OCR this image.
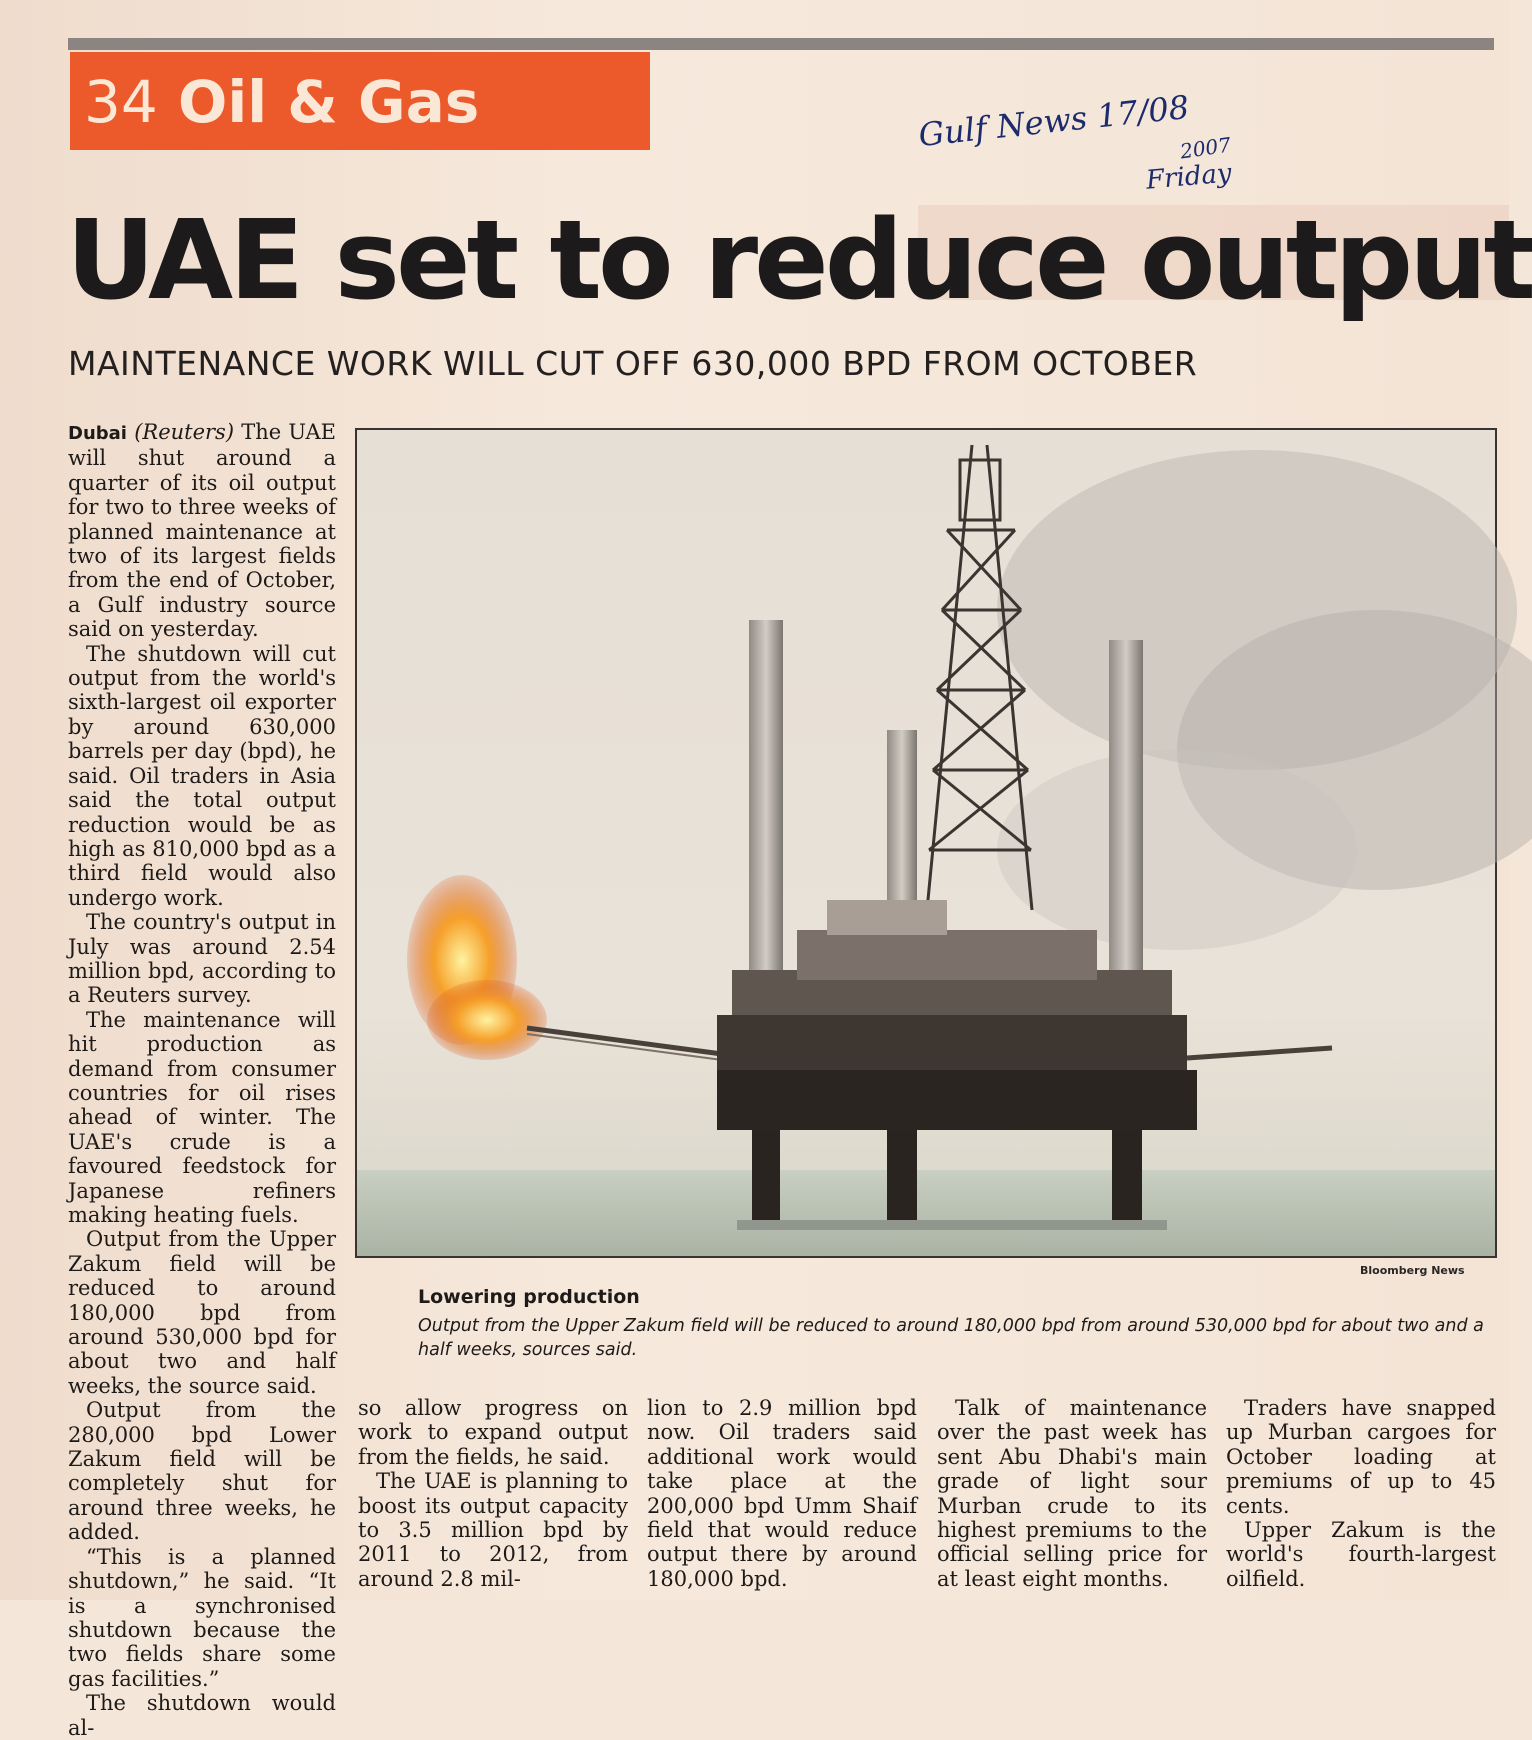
34 Oil & Gas	Gulf News 17/08
2007
Friday
UAE set to reduce output
MAINTENANCE WORK WILL CUT OFF 630,000 BPD FROM OCTOBER

Dubai (Reuters) The UAE will shut around a quarter of its oil output for two to three weeks of planned maintenance at two of its largest fields from the end of October, a Gulf industry source said on yesterday.

The shutdown will cut output from the world's sixth-largest oil exporter by around 630,000 barrels per day (bpd), he said. Oil traders in Asia said the total output reduction would be as high as 810,000 bpd as a third field would also undergo work.

The country's output in July was around 2.54 million bpd, according to a Reuters survey.

The maintenance will hit production as demand from consumer countries for oil rises ahead of winter. The UAE's crude is a favoured feedstock for Japanese refiners making heating fuels.

Output from the Upper Zakum field will be reduced to around 180,000 bpd from around 530,000 bpd for about two and half weeks, the source said.

Output from the 280,000 bpd Lower Zakum field will be completely shut for around three weeks, he added.

“This is a planned shutdown,” he said. “It is a synchronised shutdown because the two fields share some gas facilities.”

The shutdown would al-

Bloomberg News
Lowering production
Output from the Upper Zakum field will be reduced to around 180,000 bpd from around 530,000 bpd for about two and a half weeks, sources said.

so allow progress on work to expand output from the fields, he said.

The UAE is planning to boost its output capacity to 3.5 million bpd by 2011 to 2012, from around 2.8 mil-

lion to 2.9 million bpd now. Oil traders said additional work would take place at the 200,000 bpd Umm Shaif field that would reduce output there by around 180,000 bpd.

Talk of maintenance over the past week has sent Abu Dhabi's main grade of light sour Murban crude to its highest premiums to the official selling price for at least eight months.

Traders have snapped up Murban cargoes for October loading at premiums of up to 45 cents.

Upper Zakum is the world's fourth-largest oilfield.
